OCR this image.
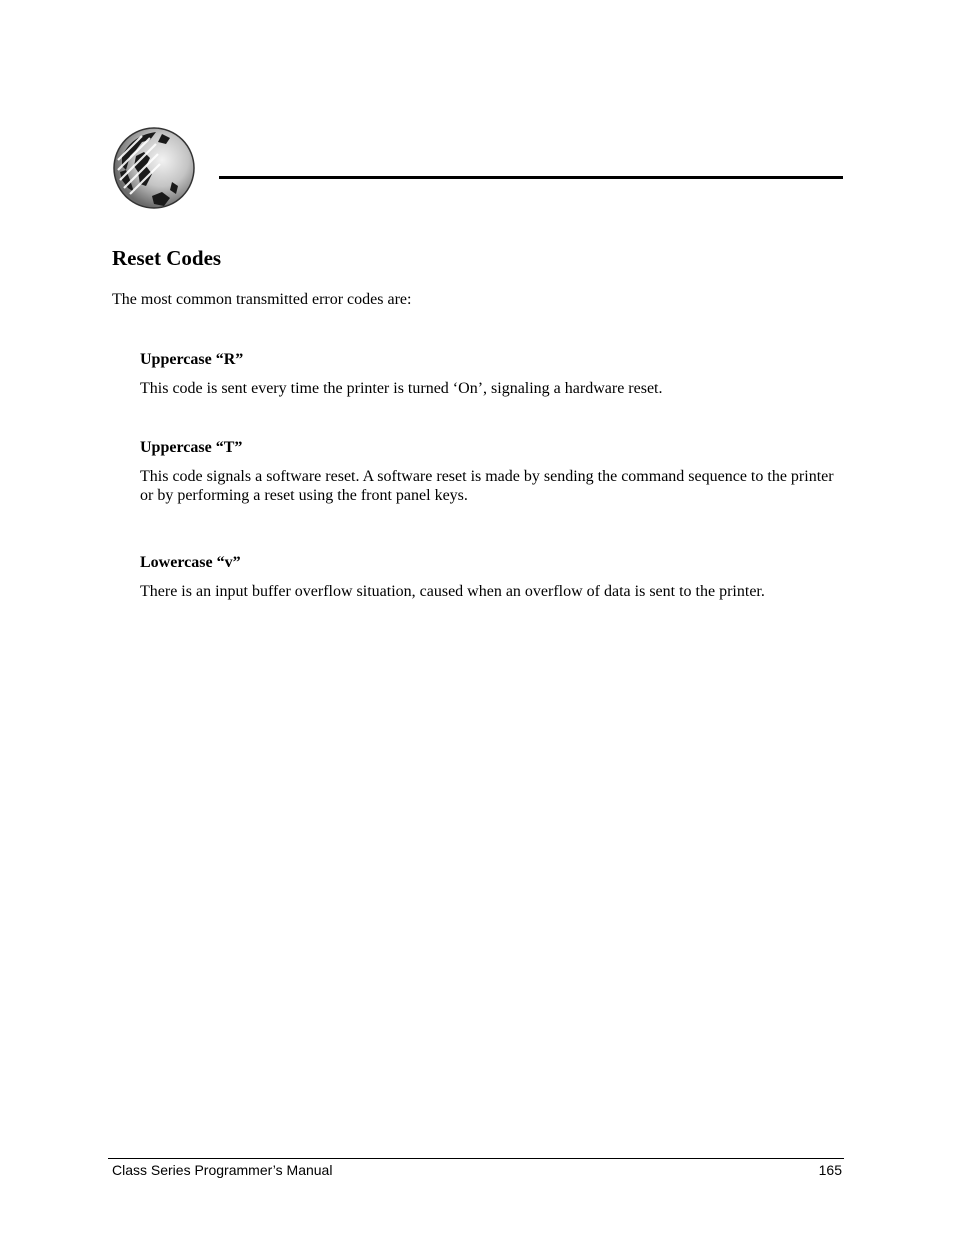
Reset Codes

The most common transmitted error codes are:

Uppercase “R”

This code is sent every time the printer is turned ‘On’, signaling a hardware reset.

Uppercase “T”

This code signals a software reset. A software reset is made by sending the command sequence to the printer or by performing a reset using the front panel keys.

Lowercase “v”

There is an input buffer overflow situation, caused when an overflow of data is sent to the printer.

Class Series Programmer’s Manual	165
